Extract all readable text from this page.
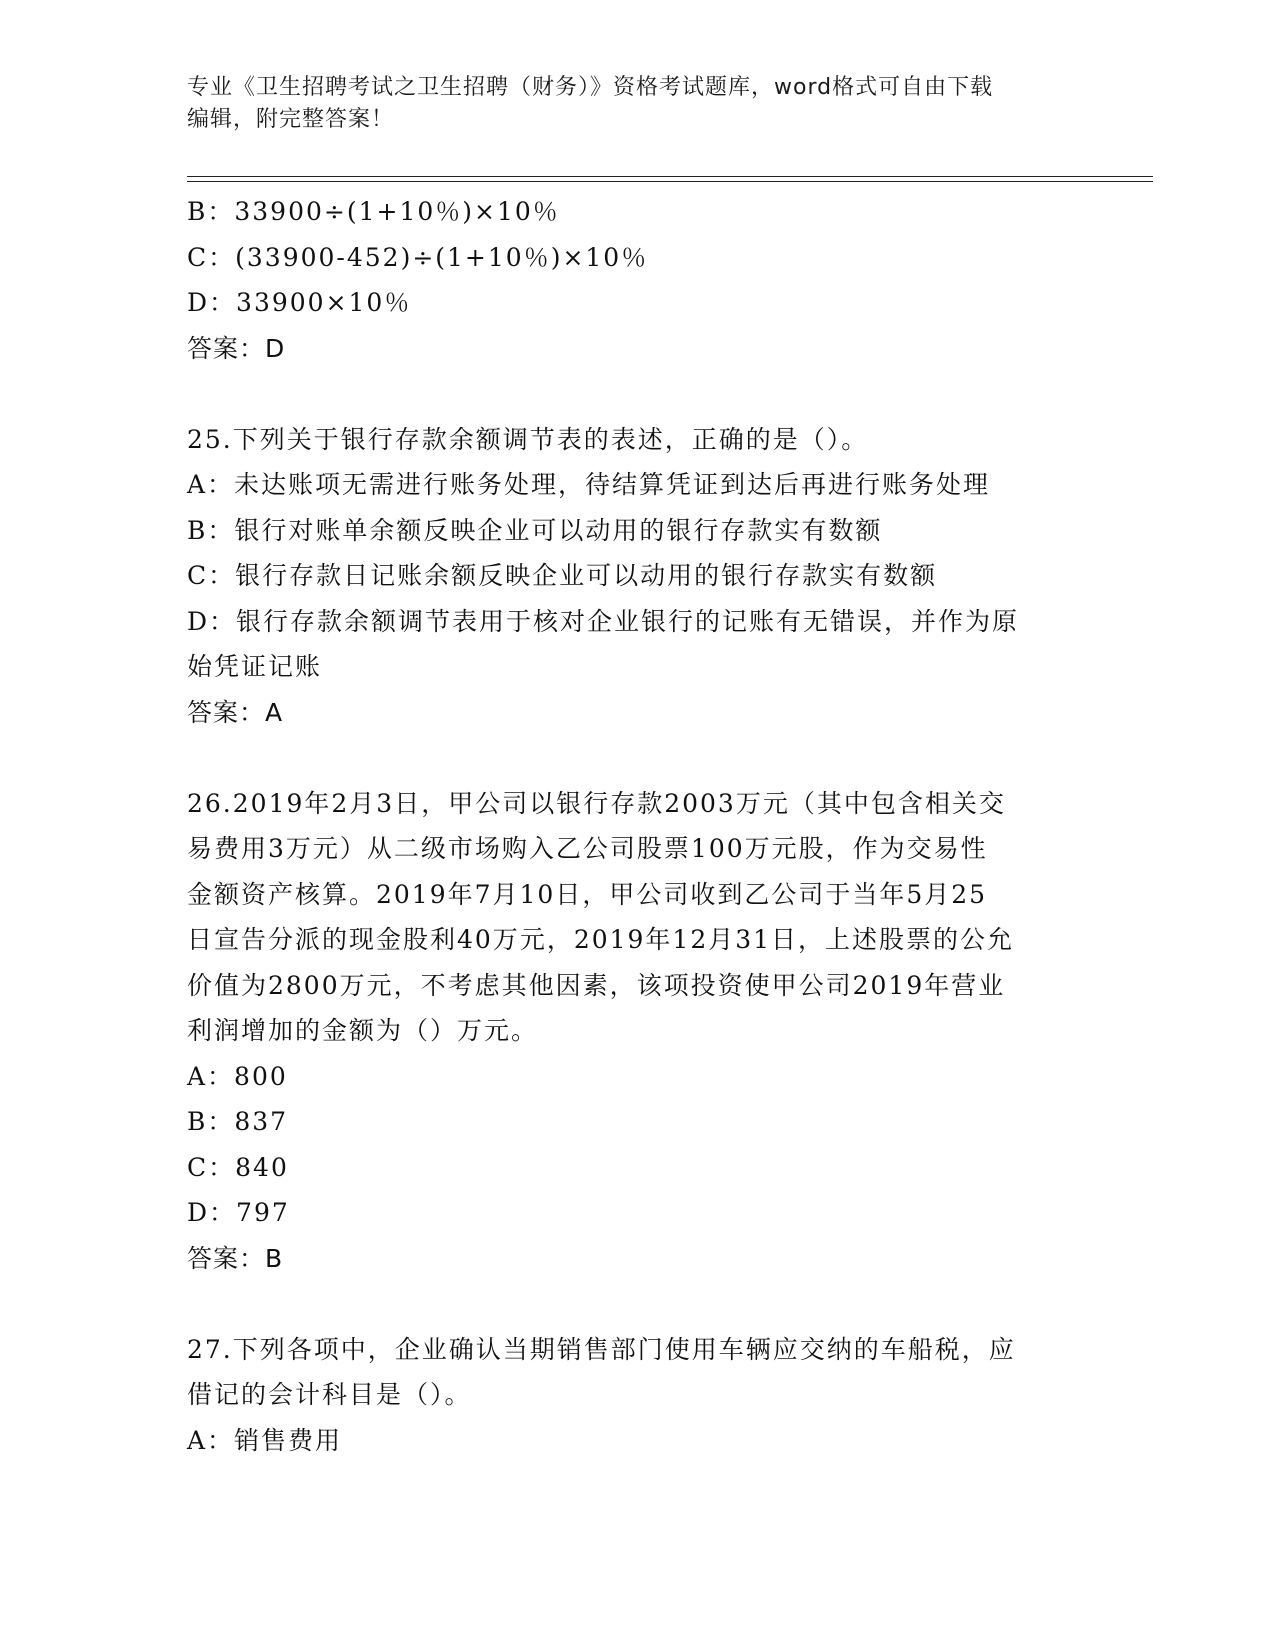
专业《卫生招聘考试之卫生招聘（财务）》资格考试题库，word格式可自由下载
编辑，附完整答案！
B：33900÷(1+10％)×10％
C：(33900-452)÷(1+10％)×10％
D：33900×10％
答案：D
25.下列关于银行存款余额调节表的表述，正确的是（）。
A：未达账项无需进行账务处理，待结算凭证到达后再进行账务处理
B：银行对账单余额反映企业可以动用的银行存款实有数额
C：银行存款日记账余额反映企业可以动用的银行存款实有数额
D：银行存款余额调节表用于核对企业银行的记账有无错误，并作为原
始凭证记账
答案：A
26.2019年2月3日，甲公司以银行存款2003万元（其中包含相关交
易费用3万元）从二级市场购入乙公司股票100万元股，作为交易性
金额资产核算。2019年7月10日，甲公司收到乙公司于当年5月25
日宣告分派的现金股利40万元，2019年12月31日，上述股票的公允
价值为2800万元，不考虑其他因素，该项投资使甲公司2019年营业
利润增加的金额为（）万元。
A：800
B：837
C：840
D：797
答案：B
27.下列各项中，企业确认当期销售部门使用车辆应交纳的车船税，应
借记的会计科目是（）。
A：销售费用
